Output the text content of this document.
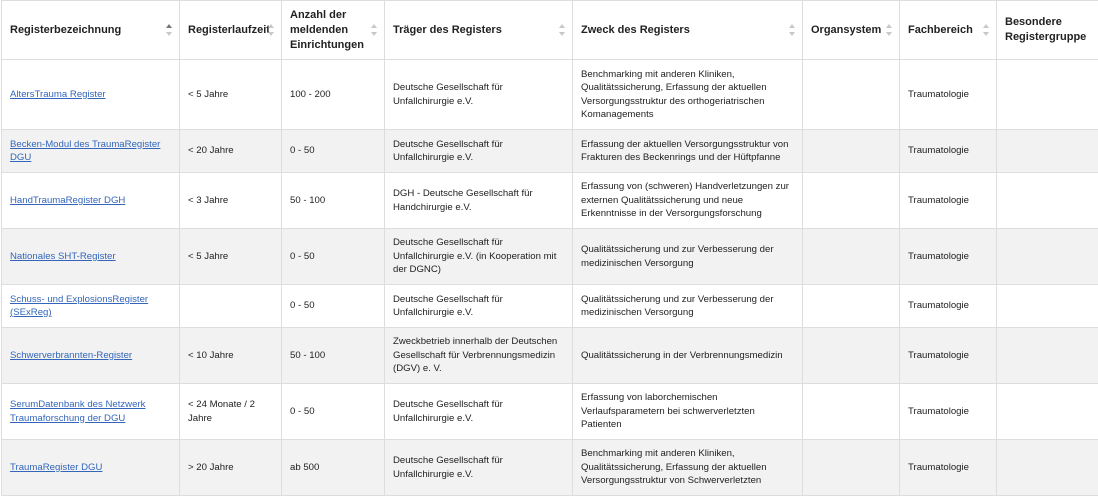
Registerbezeichnung	Registerlaufzeit	Anzahl der meldenden Einrichtungen	Träger des Registers	Zweck des Registers	Organsystem	Fachbereich	Besondere Registergruppe

AltersTrauma Register	< 5 Jahre	100 - 200	Deutsche Gesellschaft für Unfallchirurgie e.V.	Benchmarking mit anderen Kliniken, Qualitätssicherung, Erfassung der aktuellen Versorgungsstruktur des orthogeriatrischen Komanagements		Traumatologie	
Becken-Modul des TraumaRegister DGU	< 20 Jahre	0 - 50	Deutsche Gesellschaft für Unfallchirurgie e.V.	Erfassung der aktuellen Versorgungsstruktur von Frakturen des Beckenrings und der Hüftpfanne		Traumatologie	
HandTraumaRegister DGH	< 3 Jahre	50 - 100	DGH - Deutsche Gesellschaft für Handchirurgie e.V.	Erfassung von (schweren) Handverletzungen zur externen Qualitätssicherung und neue Erkenntnisse in der Versorgungsforschung		Traumatologie	
Nationales SHT-Register	< 5 Jahre	0 - 50	Deutsche Gesellschaft für Unfallchirurgie e.V. (in Kooperation mit der DGNC)	Qualitätssicherung und zur Verbesserung der medizinischen Versorgung		Traumatologie	
Schuss- und ExplosionsRegister (SExReg)		0 - 50	Deutsche Gesellschaft für Unfallchirurgie e.V.	Qualitätssicherung und zur Verbesserung der medizinischen Versorgung		Traumatologie	
Schwerverbrannten-Register	< 10 Jahre	50 - 100	Zweckbetrieb innerhalb der Deutschen Gesellschaft für Verbrennungsmedizin (DGV) e. V.	Qualitätssicherung in der Verbrennungsmedizin		Traumatologie	
SerumDatenbank des Netzwerk Traumaforschung der DGU	< 24 Monate / 2 Jahre	0 - 50	Deutsche Gesellschaft für Unfallchirurgie e.V.	Erfassung von laborchemischen Verlaufsparametern bei schwerverletzten Patienten		Traumatologie	
TraumaRegister DGU	> 20 Jahre	ab 500	Deutsche Gesellschaft für Unfallchirurgie e.V.	Benchmarking mit anderen Kliniken, Qualitätssicherung, Erfassung der aktuellen Versorgungsstruktur von Schwerverletzten		Traumatologie	
